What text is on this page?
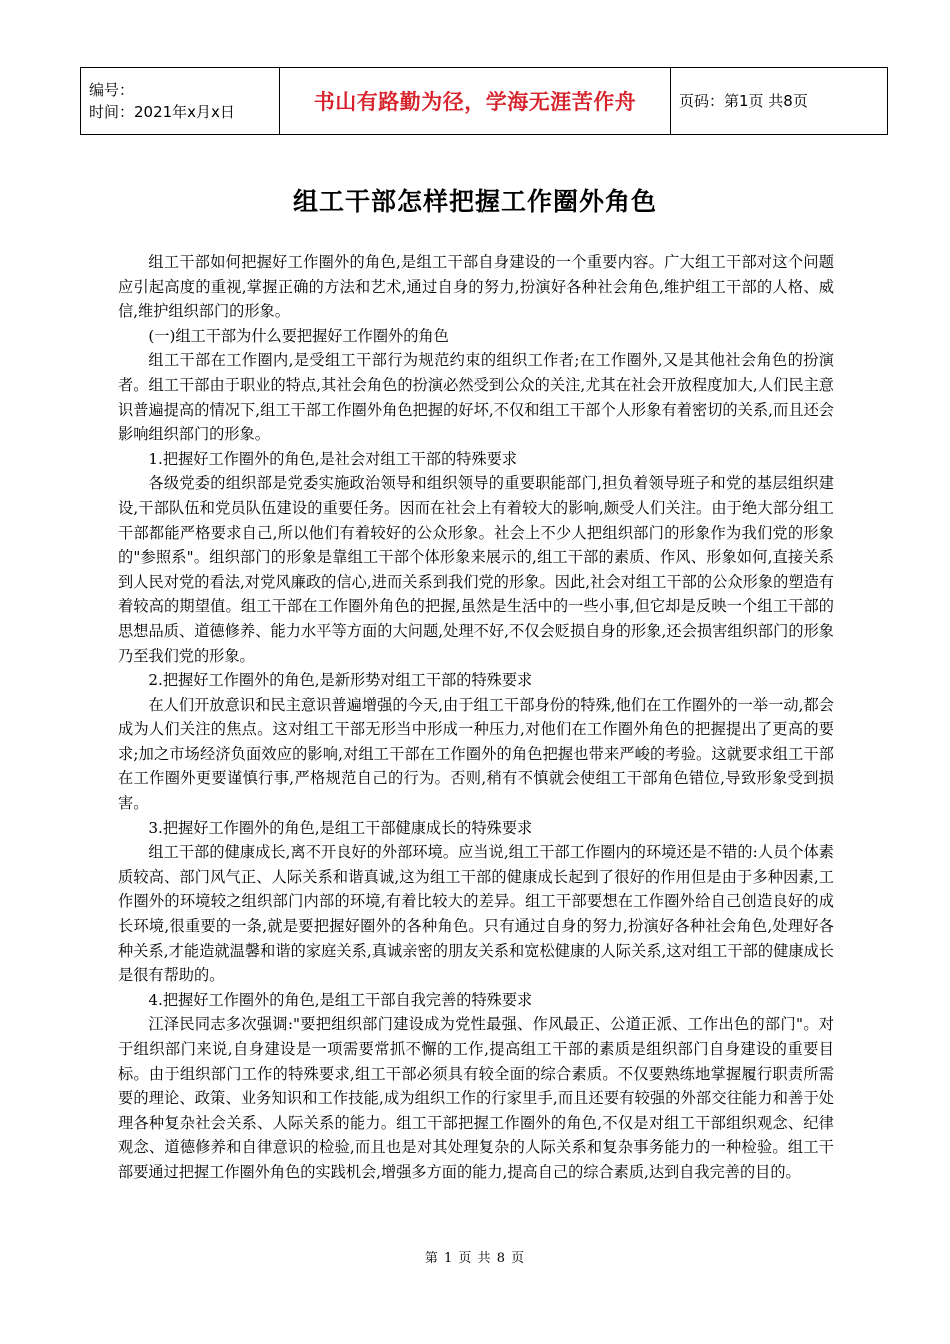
编号：
时间：2021年x月x日	书山有路勤为径，学海无涯苦作舟	页码：第1页 共8页
组工干部怎样把握工作圈外角色

组工干部如何把握好工作圈外的角色,是组工干部自身建设的一个重要内容。广大组工干部对这个问题应引起高度的重视,掌握正确的方法和艺术,通过自身的努力,扮演好各种社会角色,维护组工干部的人格、威信,维护组织部门的形象。

(一)组工干部为什么要把握好工作圈外的角色

组工干部在工作圈内,是受组工干部行为规范约束的组织工作者;在工作圈外,又是其他社会角色的扮演者。组工干部由于职业的特点,其社会角色的扮演必然受到公众的关注,尤其在社会开放程度加大,人们民主意识普遍提高的情况下,组工干部工作圈外角色把握的好坏,不仅和组工干部个人形象有着密切的关系,而且还会影响组织部门的形象。

1.把握好工作圈外的角色,是社会对组工干部的特殊要求

各级党委的组织部是党委实施政治领导和组织领导的重要职能部门,担负着领导班子和党的基层组织建设,干部队伍和党员队伍建设的重要任务。因而在社会上有着较大的影响,颇受人们关注。由于绝大部分组工干部都能严格要求自己,所以他们有着较好的公众形象。社会上不少人把组织部门的形象作为我们党的形象的"参照系"。组织部门的形象是靠组工干部个体形象来展示的,组工干部的素质、作风、形象如何,直接关系到人民对党的看法,对党风廉政的信心,进而关系到我们党的形象。因此,社会对组工干部的公众形象的塑造有着较高的期望值。组工干部在工作圈外角色的把握,虽然是生活中的一些小事,但它却是反映一个组工干部的思想品质、道德修养、能力水平等方面的大问题,处理不好,不仅会贬损自身的形象,还会损害组织部门的形象乃至我们党的形象。

2.把握好工作圈外的角色,是新形势对组工干部的特殊要求

在人们开放意识和民主意识普遍增强的今天,由于组工干部身份的特殊,他们在工作圈外的一举一动,都会成为人们关注的焦点。这对组工干部无形当中形成一种压力,对他们在工作圈外角色的把握提出了更高的要求;加之市场经济负面效应的影响,对组工干部在工作圈外的角色把握也带来严峻的考验。这就要求组工干部在工作圈外更要谨慎行事,严格规范自己的行为。否则,稍有不慎就会使组工干部角色错位,导致形象受到损害。

3.把握好工作圈外的角色,是组工干部健康成长的特殊要求

组工干部的健康成长,离不开良好的外部环境。应当说,组工干部工作圈内的环境还是不错的:人员个体素质较高、部门风气正、人际关系和谐真诚,这为组工干部的健康成长起到了很好的作用但是由于多种因素,工作圈外的环境较之组织部门内部的环境,有着比较大的差异。组工干部要想在工作圈外给自己创造良好的成长环境,很重要的一条,就是要把握好圈外的各种角色。只有通过自身的努力,扮演好各种社会角色,处理好各种关系,才能造就温馨和谐的家庭关系,真诚亲密的朋友关系和宽松健康的人际关系,这对组工干部的健康成长是很有帮助的。

4.把握好工作圈外的角色,是组工干部自我完善的特殊要求

江泽民同志多次强调:"要把组织部门建设成为党性最强、作风最正、公道正派、工作出色的部门"。对于组织部门来说,自身建设是一项需要常抓不懈的工作,提高组工干部的素质是组织部门自身建设的重要目标。由于组织部门工作的特殊要求,组工干部必须具有较全面的综合素质。不仅要熟练地掌握履行职责所需要的理论、政策、业务知识和工作技能,成为组织工作的行家里手,而且还要有较强的外部交往能力和善于处理各种复杂社会关系、人际关系的能力。组工干部把握工作圈外的角色,不仅是对组工干部组织观念、纪律观念、道德修养和自律意识的检验,而且也是对其处理复杂的人际关系和复杂事务能力的一种检验。组工干部要通过把握工作圈外角色的实践机会,增强多方面的能力,提高自己的综合素质,达到自我完善的目的。

第 1 页 共 8 页
